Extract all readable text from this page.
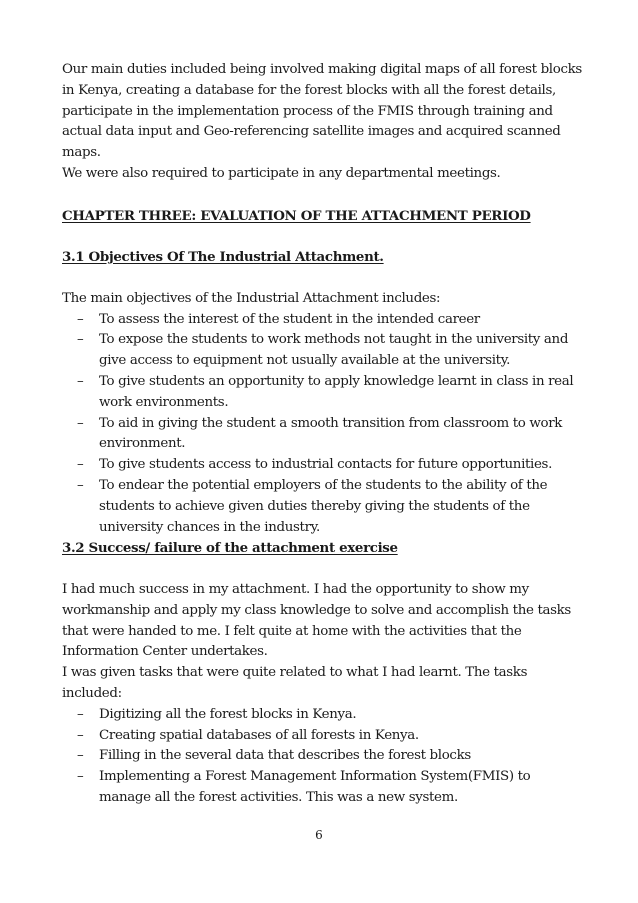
Our main duties included being involved making digital maps of all forest blocks in Kenya, creating a database for the forest blocks with all the forest details, participate in the implementation process of the FMIS through training and actual data input and Geo-referencing satellite images and acquired scanned maps.

We were also required to participate in any departmental meetings.

CHAPTER THREE: EVALUATION OF THE ATTACHMENT PERIOD

3.1 Objectives Of The Industrial Attachment.

The main objectives of the Industrial Attachment includes:

– To assess the interest of the student in the intended career
– To expose the students to work methods not taught in the university and give access to equipment not usually available at the university.
– To give students an opportunity to apply knowledge learnt in class in real work environments.
– To aid in giving the student a smooth transition from classroom to work environment.
– To give students access to industrial contacts for future opportunities.
– To endear the potential employers of the students to the ability of the students to achieve given duties thereby giving the students of the university chances in the industry.

3.2 Success/ failure of the attachment exercise

I had much success in my attachment. I had the opportunity to show my workmanship and apply my class knowledge to solve and accomplish the tasks that were handed to me. I felt quite at home with the activities that the Information Center undertakes.

I was given tasks that were quite related to what I had learnt. The tasks included:

– Digitizing all the forest blocks in Kenya.
– Creating spatial databases of all forests in Kenya.
– Filling in the several data that describes the forest blocks
– Implementing a Forest Management Information System(FMIS) to manage all the forest activities. This was a new system.
6
